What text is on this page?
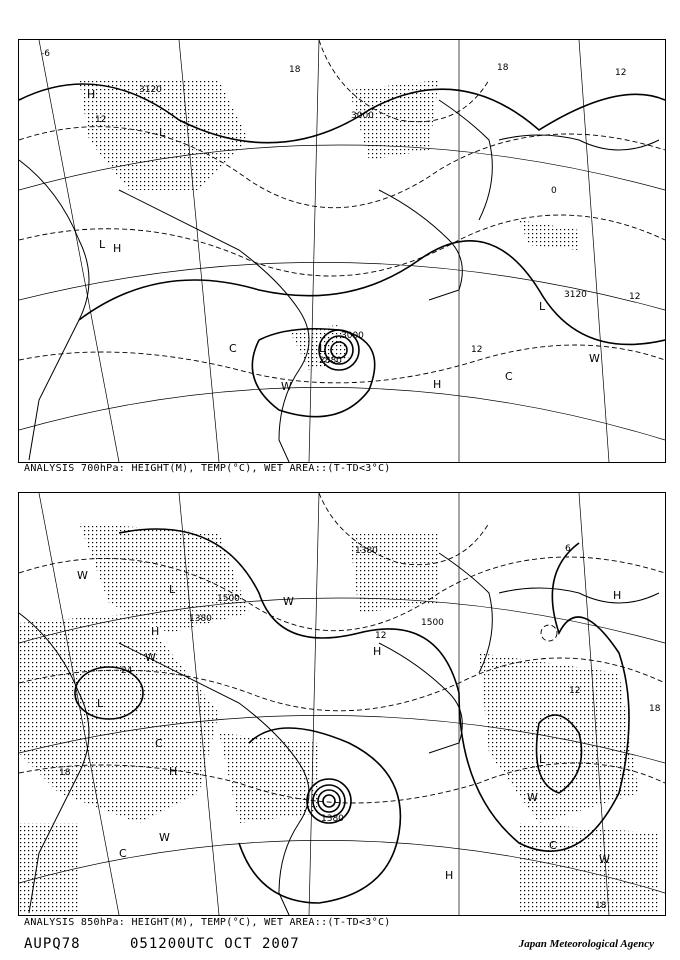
-6
3120
18
3000
3000
3120
2880
12
12
0
12
12
18
L
L
H
L
H
C
W
W
C
L
H
ANALYSIS 700hPa: HEIGHT(M), TEMP(°C), WET AREA::(T-TD<3°C)
1500
1380	1500
1380
1380
24
18
12
18
18
12
6
W
L
H
W
L
C
H
H
W
L
W
H
W
C
W
C
H
ANALYSIS 850hPa: HEIGHT(M), TEMP(°C), WET AREA::(T-TD<3°C)
AUPQ78	051200UTC OCT 2007	Japan Meteorological Agency
